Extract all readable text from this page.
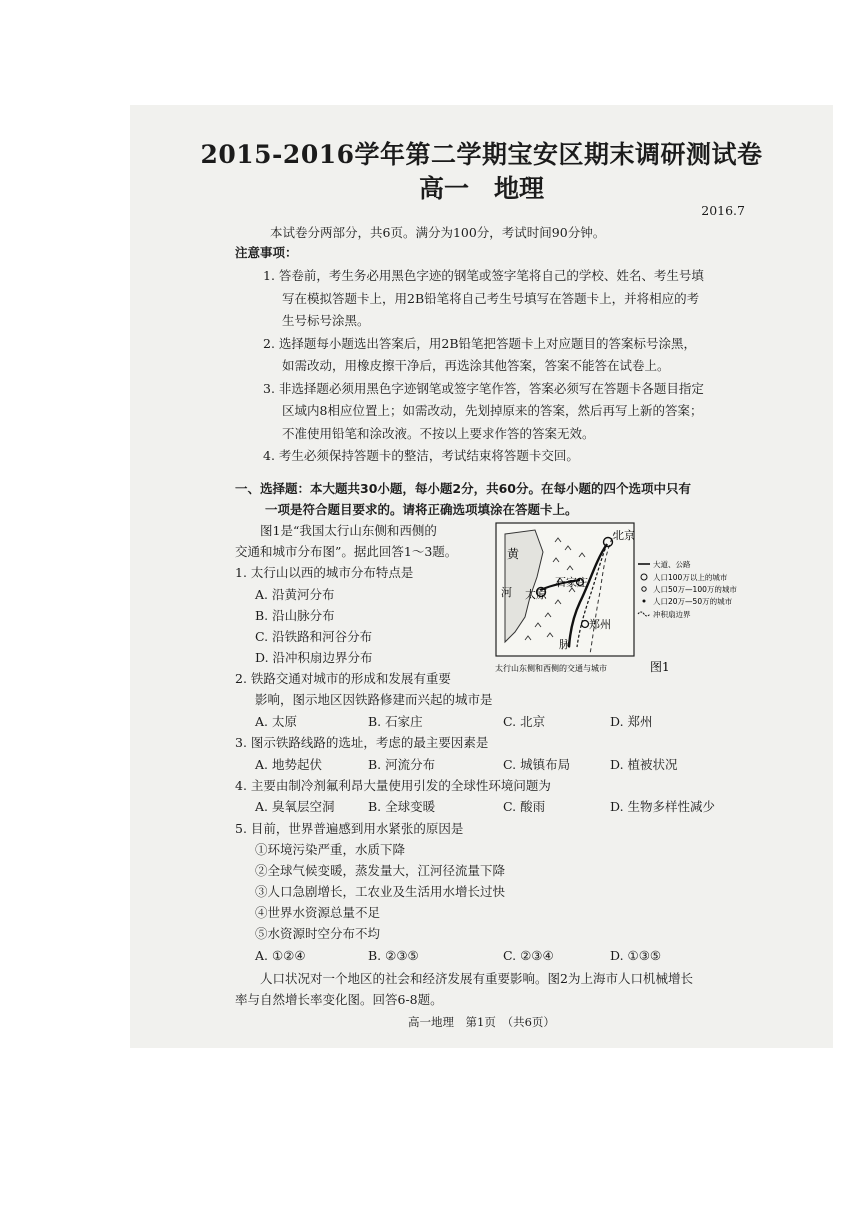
2015-2016学年第二学期宝安区期末调研测试卷
高一　地理
2016.7
本试卷分两部分，共6页。满分为100分，考试时间90分钟。
注意事项：
1. 答卷前，考生务必用黑色字迹的钢笔或签字笔将自己的学校、姓名、考生号填
写在模拟答题卡上，用2B铅笔将自己考生号填写在答题卡上，并将相应的考
生号标号涂黑。
2. 选择题每小题选出答案后，用2B铅笔把答题卡上对应题目的答案标号涂黑，
如需改动，用橡皮擦干净后，再选涂其他答案，答案不能答在试卷上。
3. 非选择题必须用黑色字迹钢笔或签字笔作答，答案必须写在答题卡各题目指定
区域内8相应位置上；如需改动，先划掉原来的答案，然后再写上新的答案；
不准使用铅笔和涂改液。不按以上要求作答的答案无效。
4. 考生必须保持答题卡的整洁，考试结束将答题卡交回。
一、选择题：本大题共30小题，每小题2分，共60分。在每小题的四个选项中只有
一项是符合题目要求的。请将正确选项填涂在答题卡上。
图1是“我国太行山东侧和西侧的
交通和城市分布图”。据此回答1～3题。
1. 太行山以西的城市分布特点是
A. 沿黄河分布
B. 沿山脉分布
C. 沿铁路和河谷分布
D. 沿冲积扇边界分布
2. 铁路交通对城市的形成和发展有重要
影响，图示地区因铁路修建而兴起的城市是
A. 太原	B. 石家庄	C. 北京	D. 郑州
3. 图示铁路线路的选址，考虑的最主要因素是
A. 地势起伏	B. 河流分布	C. 城镇布局	D. 植被状况
4. 主要由制冷剂氟利昂大量使用引发的全球性环境问题为
A. 臭氧层空洞	B. 全球变暖	C. 酸雨	D. 生物多样性减少
5. 目前，世界普遍感到用水紧张的原因是
①环境污染严重，水质下降
②全球气候变暖，蒸发量大，江河径流量下降
③人口急剧增长，工农业及生活用水增长过快
④世界水资源总量不足
⑤水资源时空分布不均
A. ①②④	B. ②③⑤	C. ②③④	D. ①③⑤
人口状况对一个地区的社会和经济发展有重要影响。图2为上海市人口机械增长
率与自然增长率变化图。回答6-8题。
北京
太原
石家庄
郑州
黄
河
脉
大道、公路
人口100万以上的城市
人口50万—100万的城市
人口20万—50万的城市
冲积扇边界
太行山东侧和西侧的交通与城市	图1
高一地理　第1页　（共6页）
